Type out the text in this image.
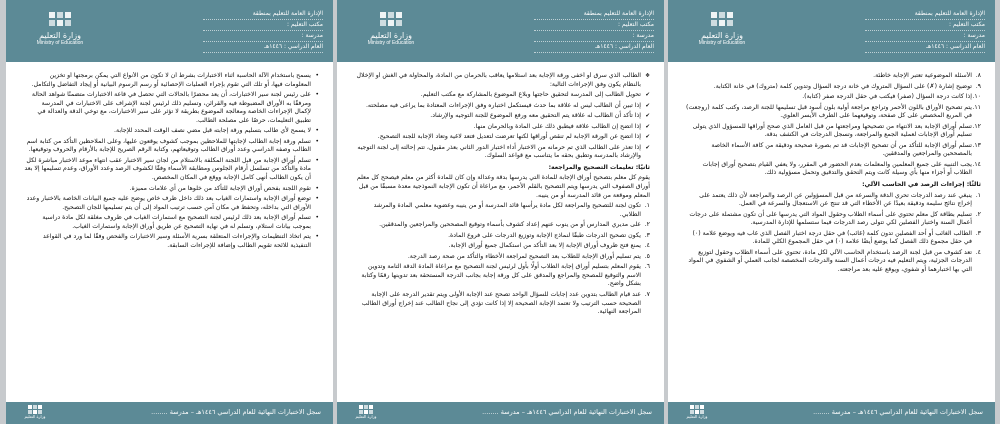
وزارة التعليم
Ministry of Education
الإدارة العامة للتعليم بمنطقة
مكتب التعليم :
مدرسة :
العام الدراسي : ١٤٤٦هـ

• يسمح باستخدام الآلة الحاسبة أثناء الاختبارات بشرط أن لا تكون من الأنواع التي يمكن برمجتها أو تخزين المعلومات فيها، أو تلك التي تقوم بإجراء العمليات الإحصائية أو رسم الرسوم البيانية أو إيجاد التفاضل والتكامل.

• على رئيس لجنة سير الاختبارات، أن يعد محضرًا بالحالات التي تحصل في قاعة الاختبارات متضمنًا شواهد الحالة ومرفقًا به الأوراق المضبوطة فيه والقرائن، وتسليم ذلك لرئيس لجنة الإشراف على الاختبارات في المدرسة لإكمال الإجراءات الخاصة ومعالجة الموضوع بطريقة لا تؤثر على سير الاختبارات، مع توخي الدقة والعدالة في تطبيق التعليمات، حرصًا على مصلحة الطالب.

• لا يسمح لأي طالب بتسليم ورقة إجابته قبل مضي نصف الوقت المحدد للإجابة.

• تسلم ورقة إجابة الطالب لإجابتها للملاحظين بموجب كشوف يوقعون عليها، وعلى الملاحظين التأكد من كتابة اسم الطالب وصفه الدراسي وعدد أوراق الطالب وتوقيعاتهم، وكتابة الرقم الصريح للإجابة بالأرقام والحروف وتوقيعها.

• تسلم أوراق الإجابة من قبل اللجنة المكلفة بالاستلام من لجان سير الاختبار عقب انتهاء موعد الاختبار مباشرة لكل مادة والتأكد من تسلسل أرقام الجلوس ومطابقة الأسماء وفقًا لكشوف الرصد وعدد الأوراق، وعدم تسليمها إلا بعد أن يكون الطالب أنهى كامل الإجابة ووقع في المكان المخصص.

• تقوم اللجنة بفحص أوراق الإجابة للتأكد من خلوها من أي علامات مميزة.

• توضع أوراق الإجابة واستمارات الغياب بعد ذلك داخل ظرف خاص يوضح عليه جميع البيانات الخاصة بالاختبار وعدد الأوراق التي بداخله، وتحفظ في مكان آمن حسب ترتيب المواد إلى أن يتم تسليمها للجان التصحيح.

• تسلم أوراق الإجابة بعد ذلك لرئيس لجنة التصحيح مع استمارات الغياب في ظروف مغلقة لكل مادة دراسية بموجب بيانات استلام، وتسلم له في نهاية التصحيح عن طريق أوراق الإجابة واستمارات الغياب.

• يتم اتخاذ التنظيمات والإجراءات المتعلقة بسرية الأسئلة وسير الاختبارات والفحص وفقًا لما ورد في القواعد التنفيذية للائحة تقويم الطالب وإضافة للإجراءات السابقة.

وزارة التعليم
سجل الاختبارات النهائية للعام الدراسي ١٤٤٦هـ – مدرسة ........
وزارة التعليم
Ministry of Education
الإدارة العامة للتعليم بمنطقة
مكتب التعليم :
مدرسة :
العام الدراسي : ١٤٤٦هـ

❖ الطالب الذي سرق أو أخفى ورقة الإجابة بعد استلامها يعاقب بالحرمان من المادة، والمحاولة في الغش أو الإخلال بالنظام يكون وفق الإجراءات التالية:

✔ تحويل الطالب إلى المدرسة لتحقيق حاجتها وبلاغ الموضوع بالمشاركة مع مكتب التعليم.

✔ إذا تبين أن الطالب ليس له علاقة بما حدث فيستكمل اختباره وفق الإجراءات المعتادة بما يراعى فيه مصلحته.

✔ إذا تأكد أن الطالب له علاقة يتم التحقيق معه ورفع الموضوع للجنة التوجيه والإرشاد.

✔ إذا اتضح إن الطالب علاقة فيطبق ذلك على المادة وبالحرمان منها.

✔ إذا اتضح عن الورقة الإجابة لم تنقص أوراقها لكنها تعرضت لتعديل فتعد لاغية وتعاد الإجابة للجنة التصحيح.

✔ إذا تعذر على الطالب الذي تم حرمانه من الاختبار أداء اختبار الدور الثاني بعذر مقبول، تتم إحالته إلى لجنة التوجيه والإرشاد بالمدرسة وتطبق بحقه ما يتناسب مع قواعد السلوك.

ثانيًا: تعليمات التصحيح والمراجعة:

يقوم كل معلم بتصحيح أوراق الإجابة للمادة التي يدرسها بدقة وعدالة وإن كان للمادة أكثر من معلم فيصحح كل معلم أوراق الصفوف التي يدرسها ويتم التصحيح بالقلم الأحمر، مع مراعاة أن تكون الإجابة النموذجية معدة مسبقًا من قبل المعلم وموقعة من قائد المدرسة أو من ينيبه.

١.
تكون لجنة للتصحيح والمراجعة لكل مادة يرأسها قائد المدرسة أو من ينيبه وعضوية معلمي المادة والمرشد الطلابي.

٢.
على مديري المدارس أو من ينوب عنهم إعداد كشوف بأسماء وتوقيع المصححين والمراجعين والمدققين.

٣.
يكون تصحيح الدرجات طبقًا لنماذج الإجابة وتوزيع الدرجات على فروع المادة.

٤.
يمنع فتح ظروف أوراق الإجابة إلا بعد التأكد من استكمال جميع أوراق الإجابة.

٥.
يتم تسليم أوراق الإجابة للطلاب بعد التصحيح لمراجعة الأخطاء والتأكد من صحة رصد الدرجة.

٦.
يقوم المعلم بتسليم أوراق إجابة الطلاب أولًا بأول لرئيس لجنة التصحيح مع مراعاة المادة الدقة التامة وتدوين الاسم والتوقيع للمصحح والمراجع والمدقق على كل ورقة إجابة بجانب الدرجة المستحقة بعد تدوينها رقمًا وكتابة بشكل واضح.

٧.
عند قيام الطالب بتدوين عدد إجابات للسؤال الواحد تصحح عند الإجابة الأولى ويتم تقدير الدرجة على الإجابة الصحيحة حسب الترتيب ولا تعتمد الإجابة الصحيحة إلا إذا كانت تؤدي إلى نجاح الطالب عند إخراج أوراق الطالب المراجعة النهائية.

وزارة التعليم
سجل الاختبارات النهائية للعام الدراسي ١٤٤٦هـ – مدرسة ........
وزارة التعليم
Ministry of Education
الإدارة العامة للتعليم بمنطقة
مكتب التعليم :
مدرسة :
العام الدراسي : ١٤٤٦هـ

٨.
الأسئلة الموضوعية تعتبر الإجابة خاطئة.

٩.
توضيح إشارة (✗) على السؤال المتروك في خانة درجة السؤال وتدوين كلمة (متروك) في خانة الكتابة.

١٠.
إذا كانت درجة السؤال (صفر) فيكتب في حقل الدرجة صفر (كتابة).

١١.
يتم تصحيح الأوراق باللون الأحمر وتراجع مراجعة أولية بلون أسود قبل تسليمها للجنة الرصد، وكتب كلمة (روجعت) في المربع المخصص على كل صفحة، وتوقيعهما على الطرف الأيسر العلوي.

١٢.
تسلم أوراق الإجابة بعد الانتهاء من تصحيحها ومراجعتها من قبل العامل الذي صحح أوراقها للمسؤول الذي يتولى تسليم أوراق الإجابات لعملية الجمع والمراجعة، وتسجل الدرجات في الكشف بدقة.

١٣.
تسلم أوراق الإجابة للتأكد من أن تصحيح الإجابات قد تم بصورة صحيحة ودقيقة من كافة الأسماء الخاصة بالمصححين والمراجعين والمدققين.

١٤.
يجب التنبيه على جميع المعلمين والمعلمات بعدم الحضور في المقرر، ولا يعفي القيام بتصحيح أوراق إجابات الطلاب أو أجزاء منها بأي وسيلة كانت ويتم التحقق والتدقيق وتحمل مسؤولية ذلك.

ثالثًا: إجراءات الرصد في الحاسب الآلي:

١.
ينبغي عند رصد الدرجات تحري الدقة والسرعة من قبل المسؤولين عن الرصد والمراجعة لأن ذلك يعتمد على إخراج نتائج سليمة ودقيقة بعيدًا عن الأخطاء التي قد تنتج عن الاستعجال والسرعة في العمل.

٢.
تسليم بطاقة كل معلم تحتوي على أسماء الطلاب وحقول المواد التي يدرسها على أن تكون مشتملة على درجات أعمال السنة واختبار الفصلين لكي تتولى رصد الدرجات فيما ستسلمها للإدارة المدرسية.

٣.
الطالب الغائب أو أحد الفصلين تدون كلمة (غائب) في حقل درجة اختبار الفصل الذي غاب فيه ويوضع علامة (٠) في حقل مجموع ذلك الفصل كما يوضع أيضًا علامة (٠) في حقل المجموع الكلي للمادة.

٤.
تعد كشوف من قبل لجنة الرصد باستخدام الحاسب الآلي لكل مادة، تحتوي على أسماء الطلاب وحقول لتوزيع الدرجات الجزئية، ويتم التعليم فيه درجات أعمال السنة والدرجات المخصصة لجانب العملي أو الشفوي في المواد التي بها اختبارهما أو شفوي، ويوقع عليه بعد مراجعته.

وزارة التعليم
سجل الاختبارات النهائية للعام الدراسي ١٤٤٦هـ – مدرسة ........
